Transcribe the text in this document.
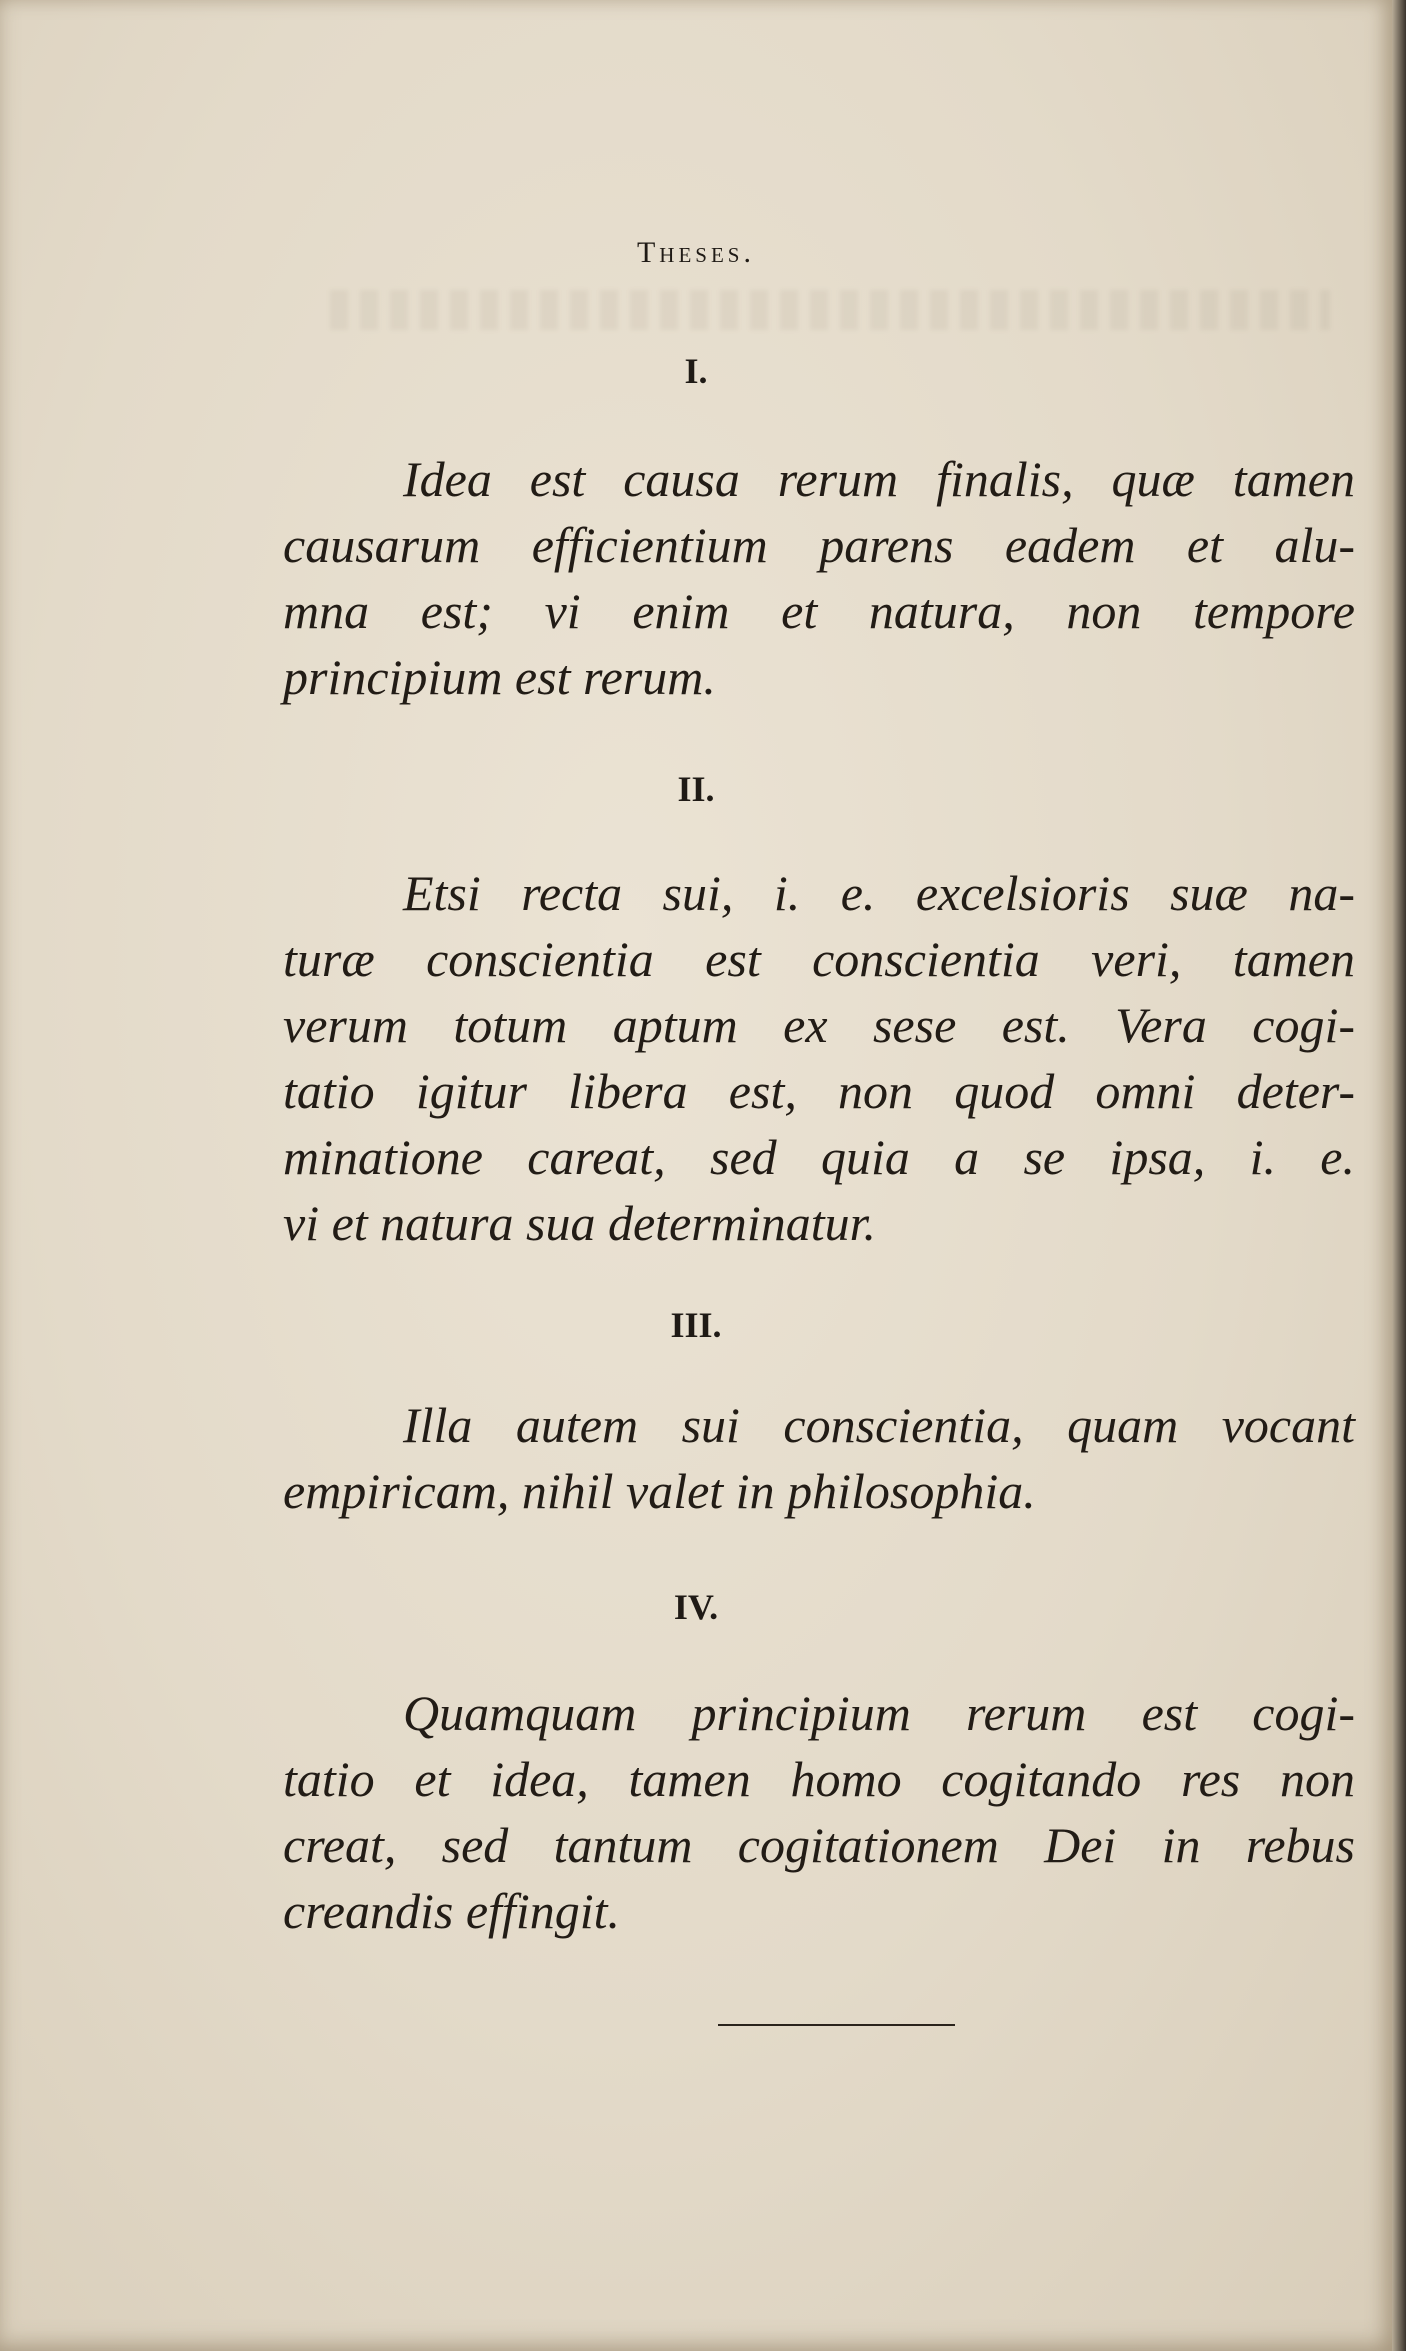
Theses.
I.
Idea est causa rerum finalis, quæ tamen
causarum efficientium parens eadem et alu-
mna est; vi enim et natura, non tempore
principium est rerum.
II.
Etsi recta sui, i. e. excelsioris suæ na-
turæ conscientia est conscientia veri, tamen
verum totum aptum ex sese est. Vera cogi-
tatio igitur libera est, non quod omni deter-
minatione careat, sed quia a se ipsa, i. e.
vi et natura sua determinatur.
III.
Illa autem sui conscientia, quam vocant
empiricam, nihil valet in philosophia.
IV.
Quamquam principium rerum est cogi-
tatio et idea, tamen homo cogitando res non
creat, sed tantum cogitationem Dei in rebus
creandis effingit.
